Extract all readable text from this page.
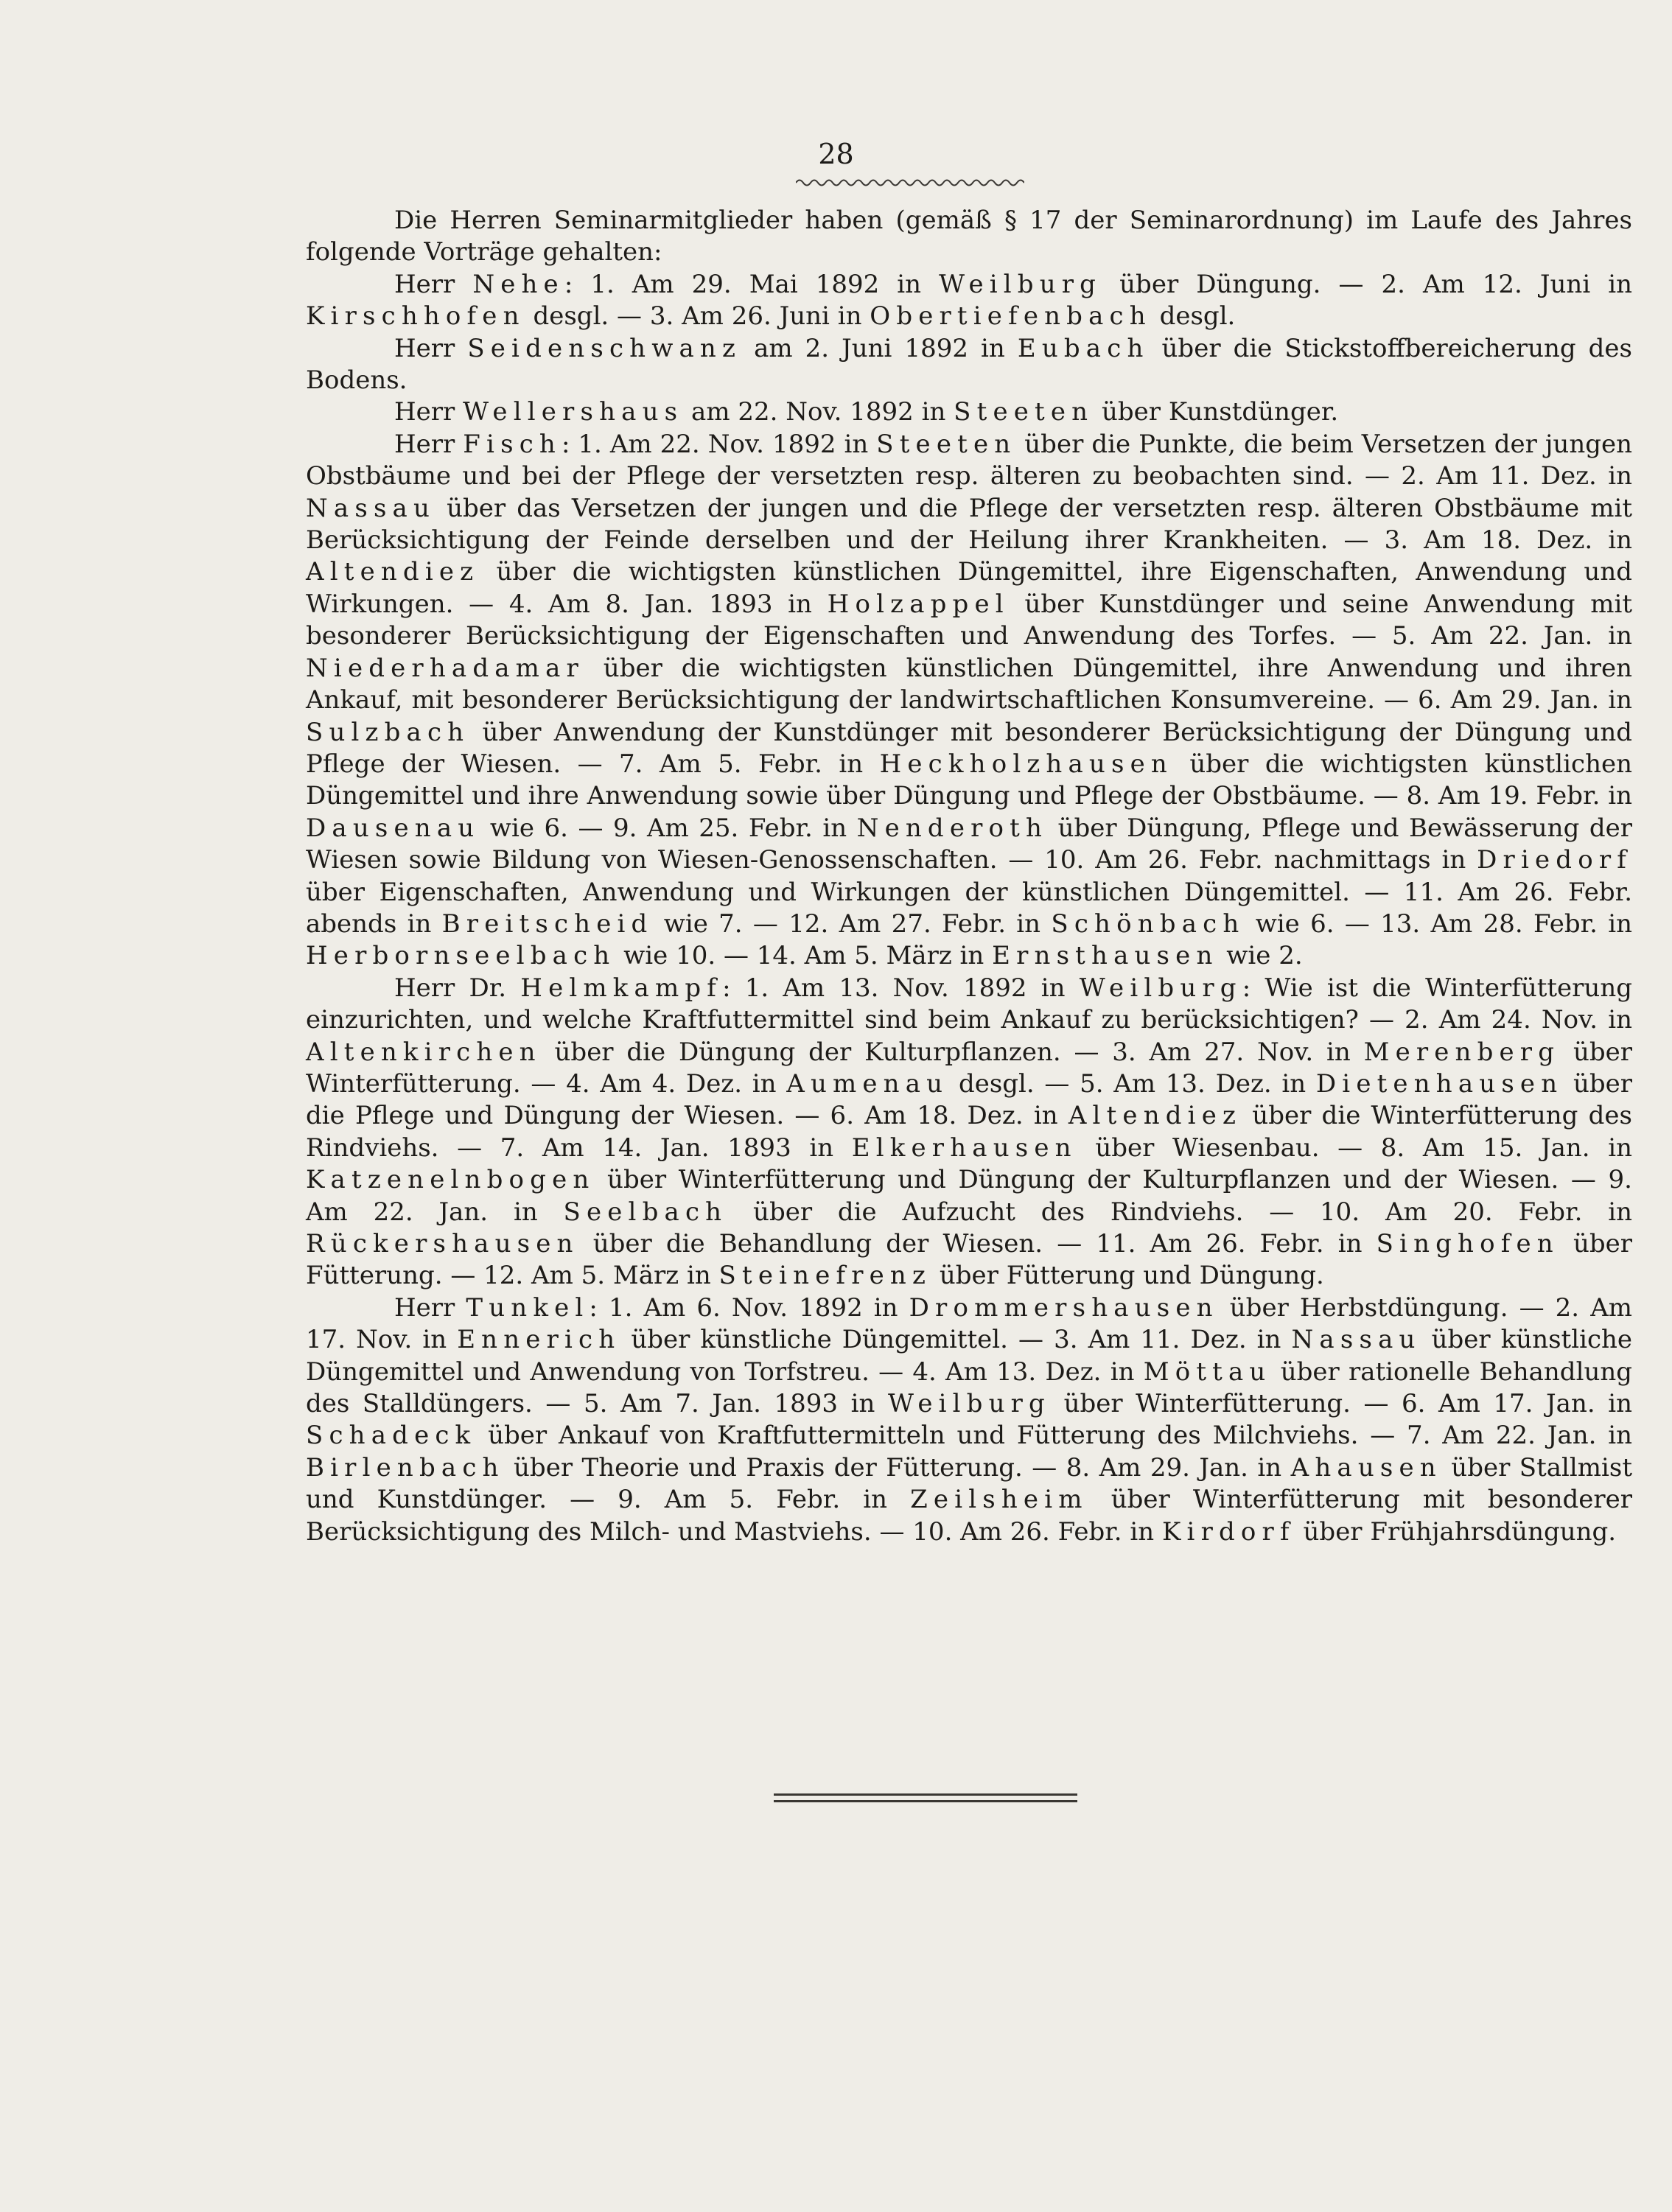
28

Die Herren Seminarmitglieder haben (gemäß § 17 der Seminarordnung) im Laufe des Jahres folgende Vorträge gehalten:

Herr Nehe: 1. Am 29. Mai 1892 in Weilburg über Düngung. — 2. Am 12. Juni in Kirschhofen desgl. — 3. Am 26. Juni in Obertiefenbach desgl.

Herr Seidenschwanz am 2. Juni 1892 in Eubach über die Stickstoffbereicherung des Bodens.

Herr Wellershaus am 22. Nov. 1892 in Steeten über Kunstdünger.

Herr Fisch: 1. Am 22. Nov. 1892 in Steeten über die Punkte, die beim Versetzen der jungen Obstbäume und bei der Pflege der versetzten resp. älteren zu beobachten sind. — 2. Am 11. Dez. in Nassau über das Versetzen der jungen und die Pflege der versetzten resp. älteren Obstbäume mit Berücksichtigung der Feinde derselben und der Heilung ihrer Krankheiten. — 3. Am 18. Dez. in Altendiez über die wichtigsten künstlichen Düngemittel, ihre Eigenschaften, Anwendung und Wirkungen. — 4. Am 8. Jan. 1893 in Holzappel über Kunstdünger und seine Anwendung mit besonderer Berücksichtigung der Eigenschaften und Anwendung des Torfes. — 5. Am 22. Jan. in Niederhadamar über die wichtigsten künstlichen Düngemittel, ihre Anwendung und ihren Ankauf, mit besonderer Berücksichtigung der landwirtschaftlichen Konsumvereine. — 6. Am 29. Jan. in Sulzbach über Anwendung der Kunstdünger mit besonderer Berücksichtigung der Düngung und Pflege der Wiesen. — 7. Am 5. Febr. in Heckholzhausen über die wichtigsten künstlichen Düngemittel und ihre Anwendung sowie über Düngung und Pflege der Obstbäume. — 8. Am 19. Febr. in Dausenau wie 6. — 9. Am 25. Febr. in Nenderoth über Düngung, Pflege und Bewässerung der Wiesen sowie Bildung von Wiesen-Genossenschaften. — 10. Am 26. Febr. nachmittags in Driedorf über Eigenschaften, Anwendung und Wirkungen der künstlichen Düngemittel. — 11. Am 26. Febr. abends in Breitscheid wie 7. — 12. Am 27. Febr. in Schönbach wie 6. — 13. Am 28. Febr. in Herbornseelbach wie 10. — 14. Am 5. März in Ernsthausen wie 2.

Herr Dr. Helmkampf: 1. Am 13. Nov. 1892 in Weilburg: Wie ist die Winterfütterung einzurichten, und welche Kraftfuttermittel sind beim Ankauf zu berücksichtigen? — 2. Am 24. Nov. in Altenkirchen über die Düngung der Kulturpflanzen. — 3. Am 27. Nov. in Merenberg über Winterfütterung. — 4. Am 4. Dez. in Aumenau desgl. — 5. Am 13. Dez. in Dietenhausen über die Pflege und Düngung der Wiesen. — 6. Am 18. Dez. in Altendiez über die Winterfütterung des Rindviehs. — 7. Am 14. Jan. 1893 in Elkerhausen über Wiesenbau. — 8. Am 15. Jan. in Katzenelnbogen über Winterfütterung und Düngung der Kulturpflanzen und der Wiesen. — 9. Am 22. Jan. in Seelbach über die Aufzucht des Rindviehs. — 10. Am 20. Febr. in Rückershausen über die Behandlung der Wiesen. — 11. Am 26. Febr. in Singhofen über Fütterung. — 12. Am 5. März in Steinefrenz über Fütterung und Düngung.

Herr Tunkel: 1. Am 6. Nov. 1892 in Drommershausen über Herbstdüngung. — 2. Am 17. Nov. in Ennerich über künstliche Düngemittel. — 3. Am 11. Dez. in Nassau über künstliche Düngemittel und Anwendung von Torfstreu. — 4. Am 13. Dez. in Möttau über rationelle Behandlung des Stalldüngers. — 5. Am 7. Jan. 1893 in Weilburg über Winterfütterung. — 6. Am 17. Jan. in Schadeck über Ankauf von Kraftfuttermitteln und Fütterung des Milchviehs. — 7. Am 22. Jan. in Birlenbach über Theorie und Praxis der Fütterung. — 8. Am 29. Jan. in Ahausen über Stallmist und Kunstdünger. — 9. Am 5. Febr. in Zeilsheim über Winterfütterung mit besonderer Berücksichtigung des Milch- und Mastviehs. — 10. Am 26. Febr. in Kirdorf über Frühjahrsdüngung.
